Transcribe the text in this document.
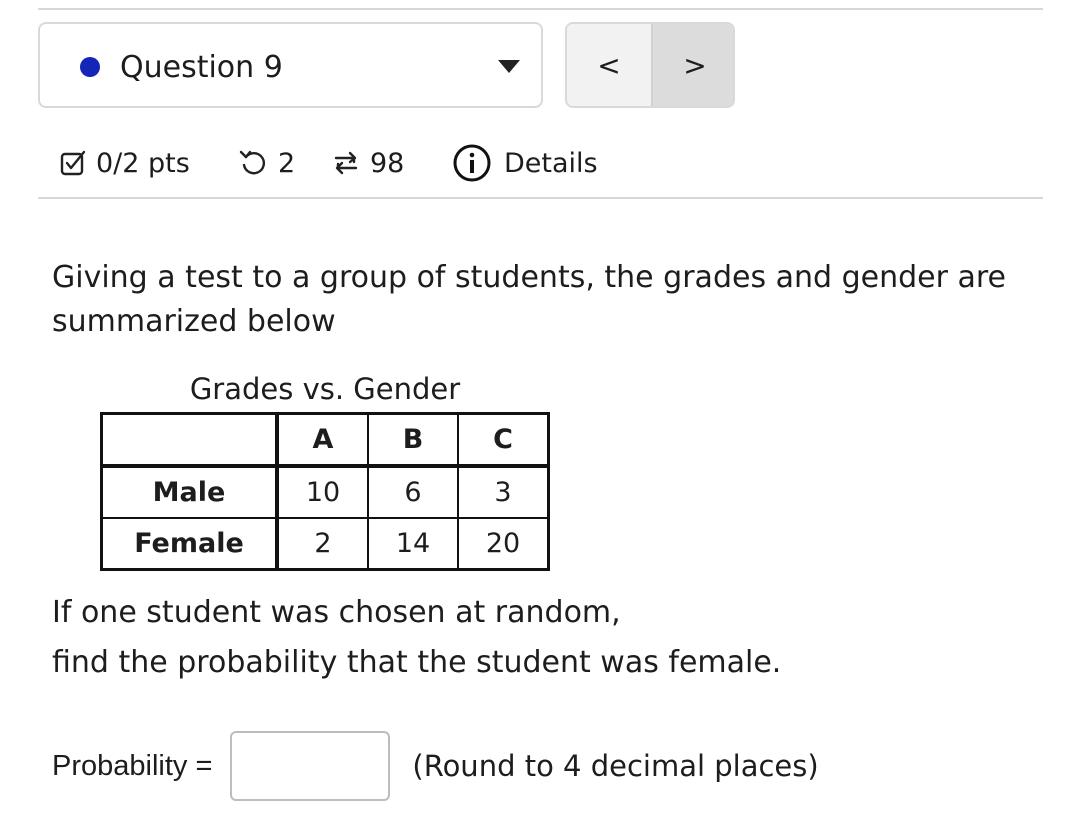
Question 9	<	>
0/2 pts	2	98	Details
Giving a test to a group of students, the grades and gender are summarized below
Grades vs. Gender
	A	B	C
Male	10	6	3
Female	2	14	20
If one student was chosen at random,
find the probability that the student was female.
Probability =	(Round to 4 decimal places)
